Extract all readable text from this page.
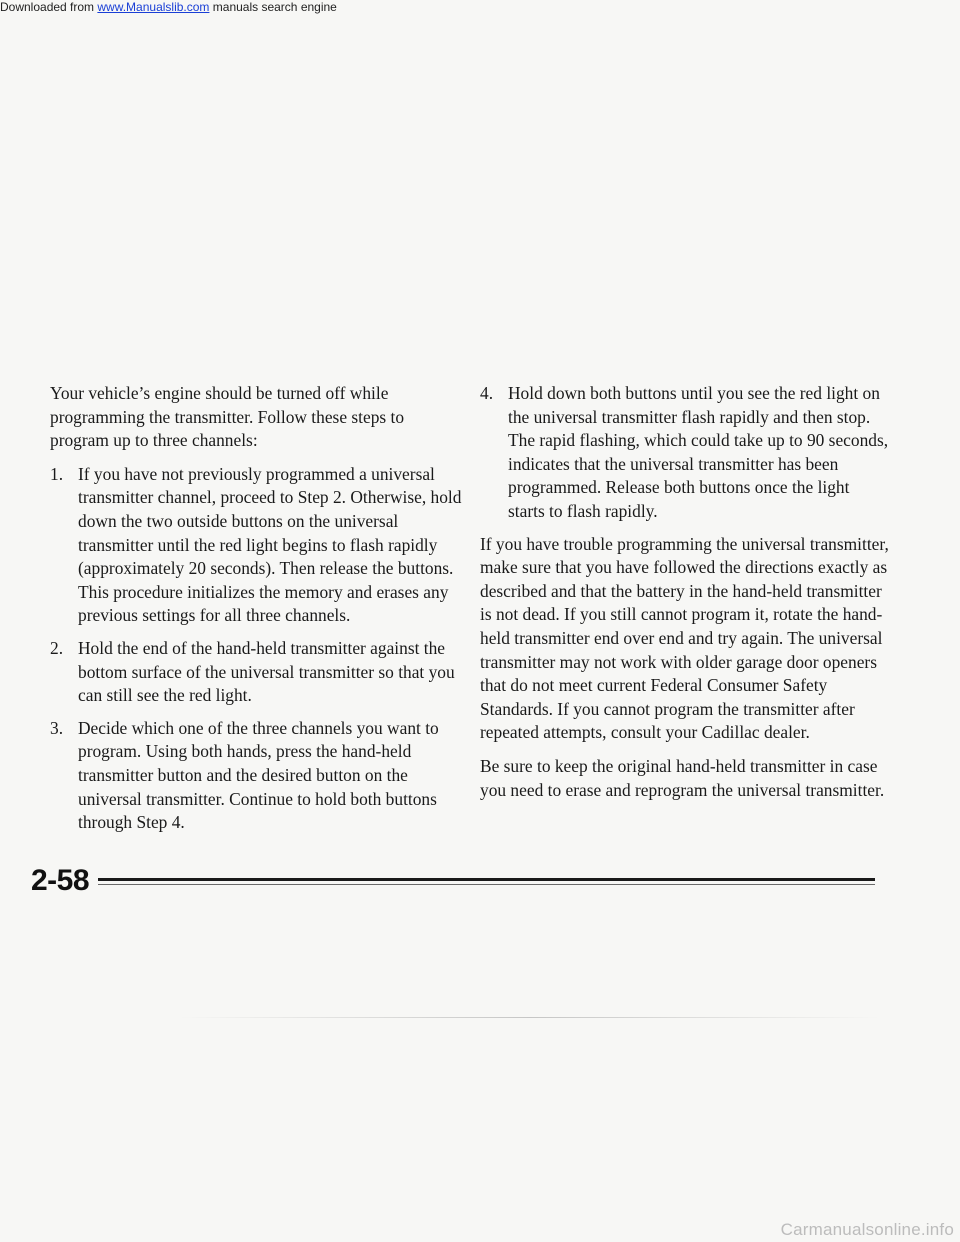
Your vehicle’s engine should be turned off while programming the transmitter. Follow these steps to program up to three channels:

1. If you have not previously programmed a universal transmitter channel, proceed to Step 2. Otherwise, hold down the two outside buttons on the universal transmitter until the red light begins to flash rapidly (approximately 20 seconds). Then release the buttons. This procedure initializes the memory and erases any previous settings for all three channels.
2. Hold the end of the hand-held transmitter against the bottom surface of the universal transmitter so that you can still see the red light.
3. Decide which one of the three channels you want to program. Using both hands, press the hand-held transmitter button and the desired button on the universal transmitter. Continue to hold both buttons through Step 4.
4. Hold down both buttons until you see the red light on the universal transmitter flash rapidly and then stop. The rapid flashing, which could take up to 90 seconds, indicates that the universal transmitter has been programmed. Release both buttons once the light starts to flash rapidly.

If you have trouble programming the universal transmitter, make sure that you have followed the directions exactly as described and that the battery in the hand-held transmitter is not dead. If you still cannot program it, rotate the hand-held transmitter end over end and try again. The universal transmitter may not work with older garage door openers that do not meet current Federal Consumer Safety Standards. If you cannot program the transmitter after repeated attempts, consult your Cadillac dealer.

Be sure to keep the original hand-held transmitter in case you need to erase and reprogram the universal transmitter.

2-58
Downloaded from www.Manualslib.com manuals search engine
Carmanualsonline.info
